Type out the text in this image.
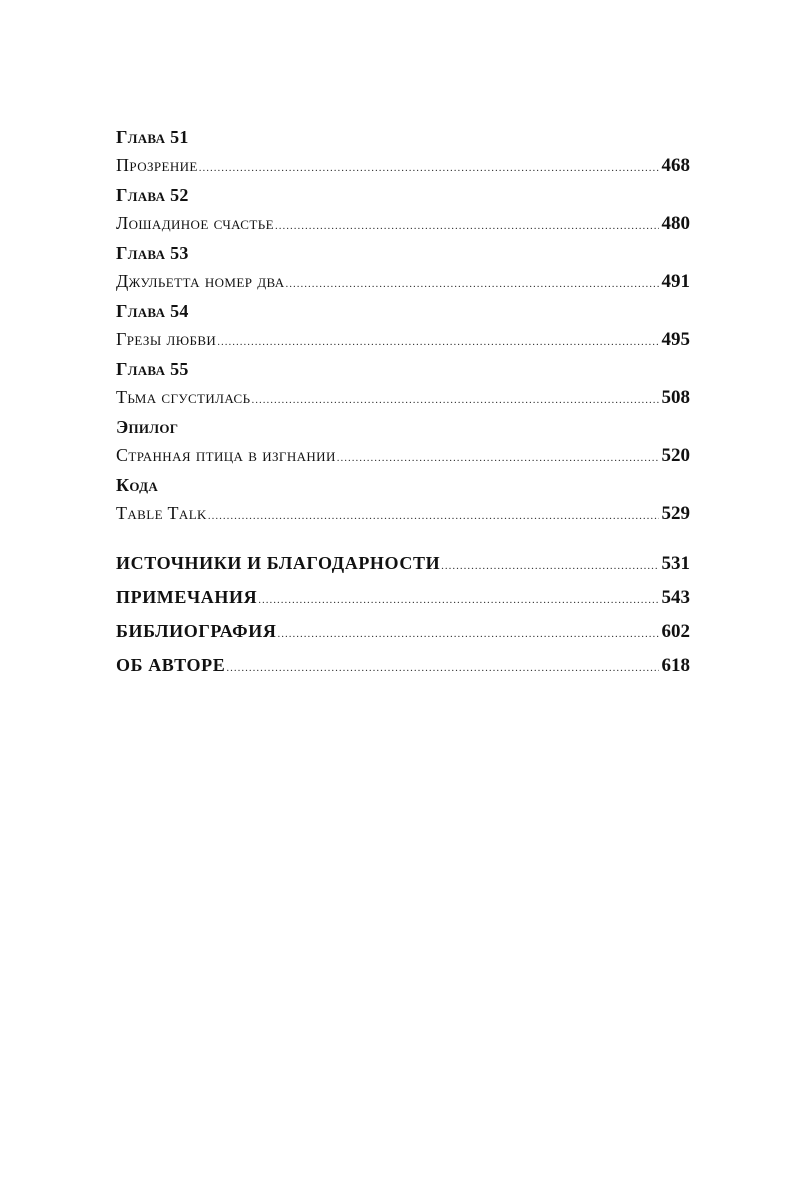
Глава 51
Прозрение .....	468
Глава 52
Лошадиное счастье .....	480
Глава 53
Джульетта номер два .....	491
Глава 54
Грезы любви .....	495
Глава 55
Тьма сгустилась .....	508
Эпилог
Странная птица в изгнании .....	520
Кода
Table Talk .....	529
ИСТОЧНИКИ И БЛАГОДАРНОСТИ .....	531
ПРИМЕЧАНИЯ .....	543
БИБЛИОГРАФИЯ .....	602
ОБ АВТОРЕ .....	618
